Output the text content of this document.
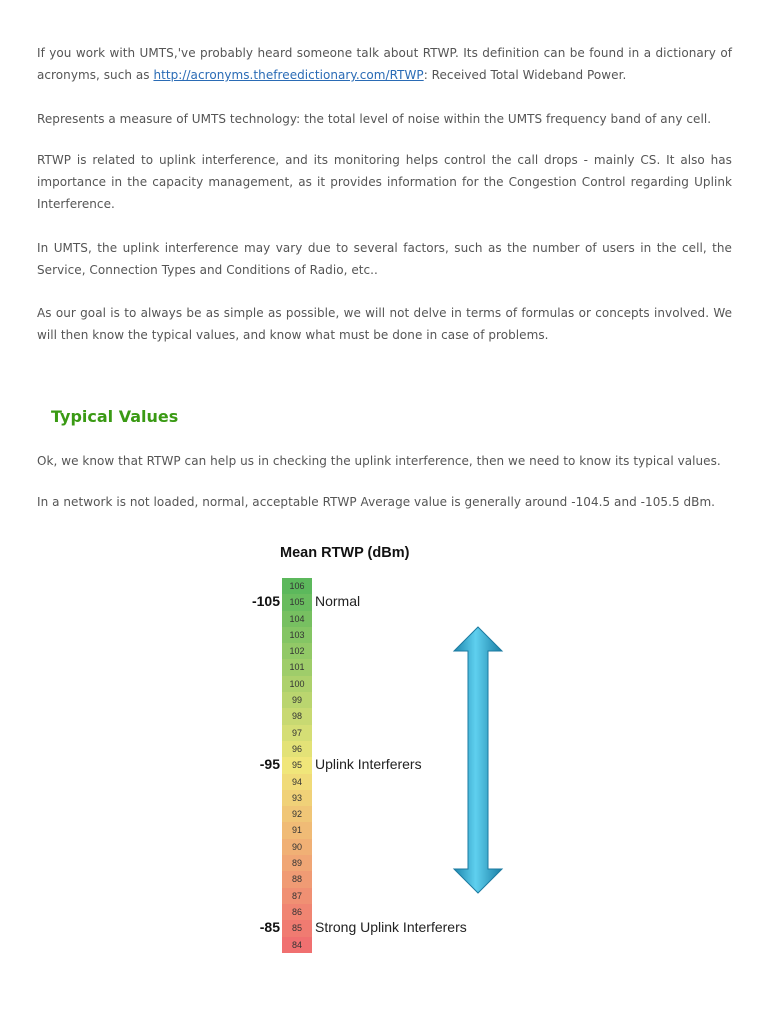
If you work with UMTS,'ve probably heard someone talk about RTWP. Its definition can be found in a dictionary of acronyms, such as http://acronyms.thefreedictionary.com/RTWP: Received Total Wideband Power.

Represents a measure of UMTS technology: the total level of noise within the UMTS frequency band of any cell.

RTWP is related to uplink interference, and its monitoring helps control the call drops - mainly CS. It also has importance in the capacity management, as it provides information for the Congestion Control regarding Uplink Interference.

In UMTS, the uplink interference may vary due to several factors, such as the number of users in the cell, the Service, Connection Types and Conditions of Radio, etc..

As our goal is to always be as simple as possible, we will not delve in terms of formulas or concepts involved. We will then know the typical values, and know what must be done in case of problems.

Typical Values

Ok, we know that RTWP can help us in checking the uplink interference, then we need to know its typical values.

In a network is not loaded, normal, acceptable RTWP Average value is generally around -104.5 and -105.5 dBm.

Mean RTWP (dBm)
106
105
104
103
102
101
100
99
98
97
96
95
94
93
92
91
90
89
88
87
86
85
84
-105	Normal
-95	Uplink Interferers
-85	Strong Uplink Interferers
